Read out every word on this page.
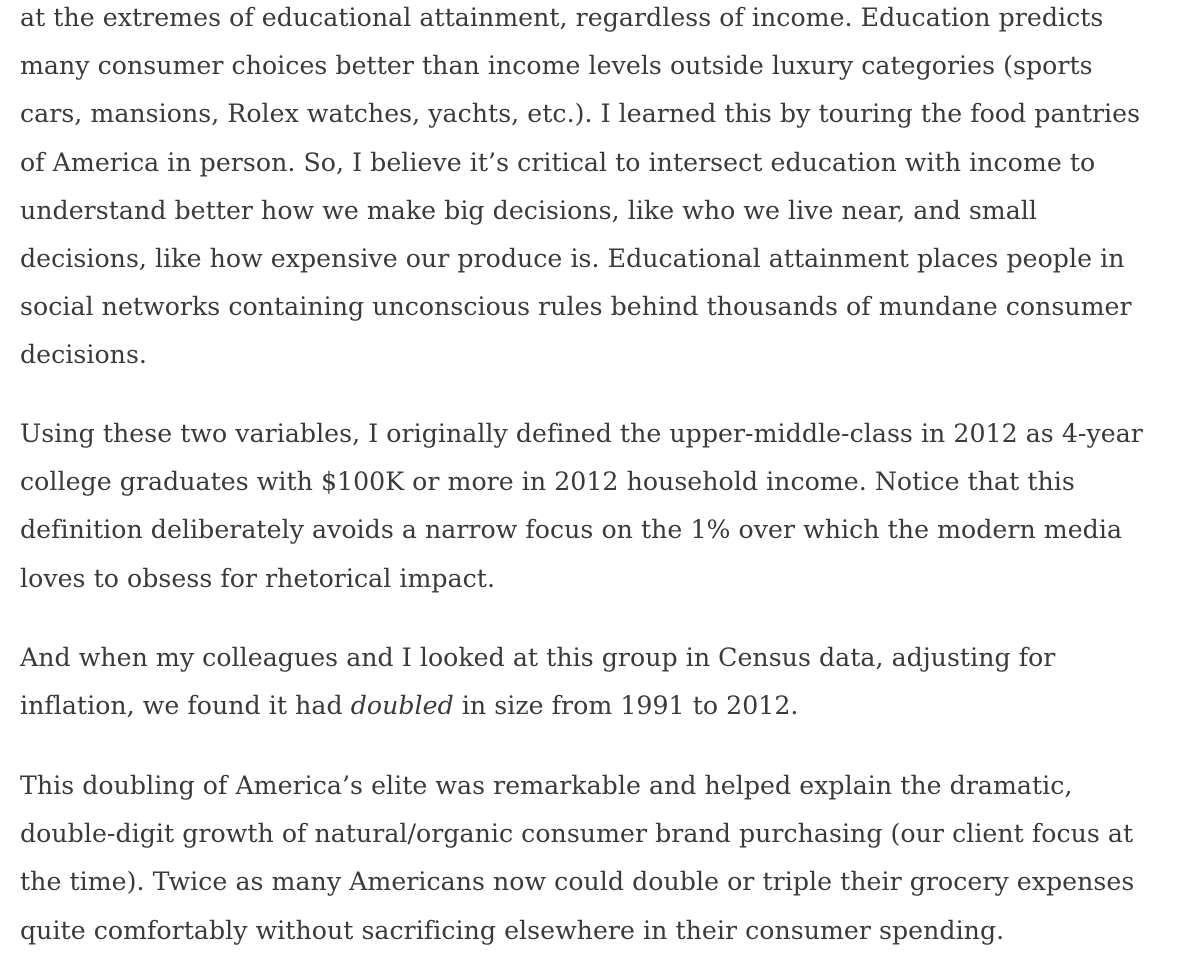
at the extremes of educational attainment, regardless of income. Education predicts
many consumer choices better than income levels outside luxury categories (sports
cars, mansions, Rolex watches, yachts, etc.). I learned this by touring the food pantries
of America in person. So, I believe it’s critical to intersect education with income to
understand better how we make big decisions, like who we live near, and small
decisions, like how expensive our produce is. Educational attainment places people in
social networks containing unconscious rules behind thousands of mundane consumer
decisions.

Using these two variables, I originally defined the upper-middle-class in 2012 as 4-year
college graduates with $100K or more in 2012 household income. Notice that this
definition deliberately avoids a narrow focus on the 1% over which the modern media
loves to obsess for rhetorical impact.

And when my colleagues and I looked at this group in Census data, adjusting for
inflation, we found it had doubled in size from 1991 to 2012.

This doubling of America’s elite was remarkable and helped explain the dramatic,
double-digit growth of natural/organic consumer brand purchasing (our client focus at
the time). Twice as many Americans now could double or triple their grocery expenses
quite comfortably without sacrificing elsewhere in their consumer spending.
